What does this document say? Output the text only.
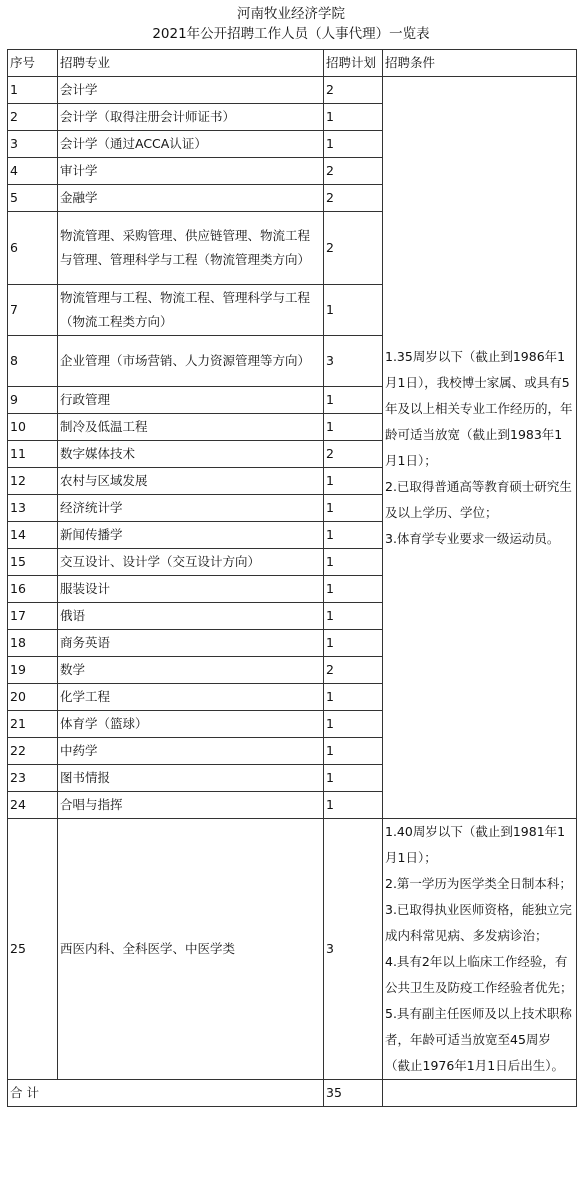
河南牧业经济学院
2021年公开招聘工作人员（人事代理）一览表
序号	招聘专业	招聘计划	招聘条件
1	会计学	2	1.35周岁以下（截止到1986年1月1日），我校博士家属、或具有5年及以上相关专业工作经历的，年龄可适当放宽（截止到1983年1月1日）；
2.已取得普通高等教育硕士研究生及以上学历、学位；
3.体育学专业要求一级运动员。

2	会计学（取得注册会计师证书）	1	
3	会计学（通过ACCA认证）	1	
4	审计学	2	
5	金融学	2	
6	物流管理、采购管理、供应链管理、物流工程与管理、管理科学与工程（物流管理类方向）	2	
7	物流管理与工程、物流工程、管理科学与工程（物流工程类方向）	1	
8	企业管理（市场营销、人力资源管理等方向）	3	
9	行政管理	1	
10	制冷及低温工程	1	
11	数字媒体技术	2	
12	农村与区域发展	1	
13	经济统计学	1	
14	新闻传播学	1	
15	交互设计、设计学（交互设计方向）	1	
16	服装设计	1	
17	俄语	1	
18	商务英语	1	
19	数学	2	
20	化学工程	1	
21	体育学（篮球）	1	
22	中药学	1	
23	图书情报	1	
24	合唱与指挥	1	
25	西医内科、全科医学、中医学类	3	1.40周岁以下（截止到1981年1月1日）；
2.第一学历为医学类全日制本科；
3.已取得执业医师资格，能独立完成内科常见病、多发病诊治；
4.具有2年以上临床工作经验，有公共卫生及防疫工作经验者优先；
5.具有副主任医师及以上技术职称者，年龄可适当放宽至45周岁（截止1976年1月1日后出生）。

合 计		35	
